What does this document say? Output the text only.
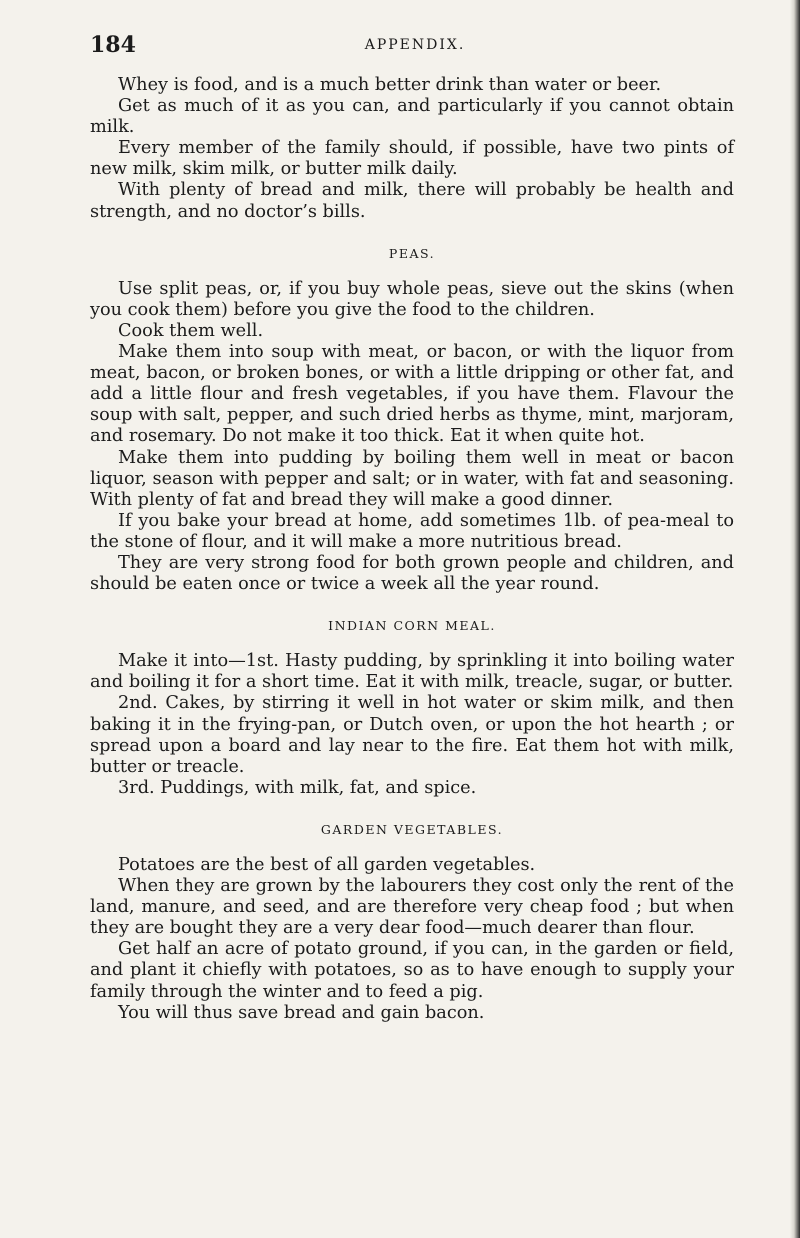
184	APPENDIX.

Whey is food, and is a much better drink than water or beer.

Get as much of it as you can, and particularly if you cannot obtain milk.

Every member of the family should, if possible, have two pints of new milk, skim milk, or butter milk daily.

With plenty of bread and milk, there will probably be health and strength, and no doctor’s bills.

PEAS.

Use split peas, or, if you buy whole peas, sieve out the skins (when you cook them) before you give the food to the children.

Cook them well.

Make them into soup with meat, or bacon, or with the liquor from meat, bacon, or broken bones, or with a little dripping or other fat, and add a little flour and fresh vegetables, if you have them. Flavour the soup with salt, pepper, and such dried herbs as thyme, mint, marjoram, and rosemary. Do not make it too thick. Eat it when quite hot.

Make them into pudding by boiling them well in meat or bacon liquor, season with pepper and salt; or in water, with fat and seasoning. With plenty of fat and bread they will make a good dinner.

If you bake your bread at home, add sometimes 1lb. of pea-meal to the stone of flour, and it will make a more nutritious bread.

They are very strong food for both grown people and children, and should be eaten once or twice a week all the year round.

INDIAN CORN MEAL.

Make it into—1st. Hasty pudding, by sprinkling it into boiling water and boiling it for a short time. Eat it with milk, treacle, sugar, or butter.

2nd. Cakes, by stirring it well in hot water or skim milk, and then baking it in the frying-pan, or Dutch oven, or upon the hot hearth ; or spread upon a board and lay near to the fire. Eat them hot with milk, butter or treacle.

3rd. Puddings, with milk, fat, and spice.

GARDEN VEGETABLES.

Potatoes are the best of all garden vegetables.

When they are grown by the labourers they cost only the rent of the land, manure, and seed, and are therefore very cheap food ; but when they are bought they are a very dear food—much dearer than flour.

Get half an acre of potato ground, if you can, in the garden or field, and plant it chiefly with potatoes, so as to have enough to supply your family through the winter and to feed a pig.

You will thus save bread and gain bacon.
